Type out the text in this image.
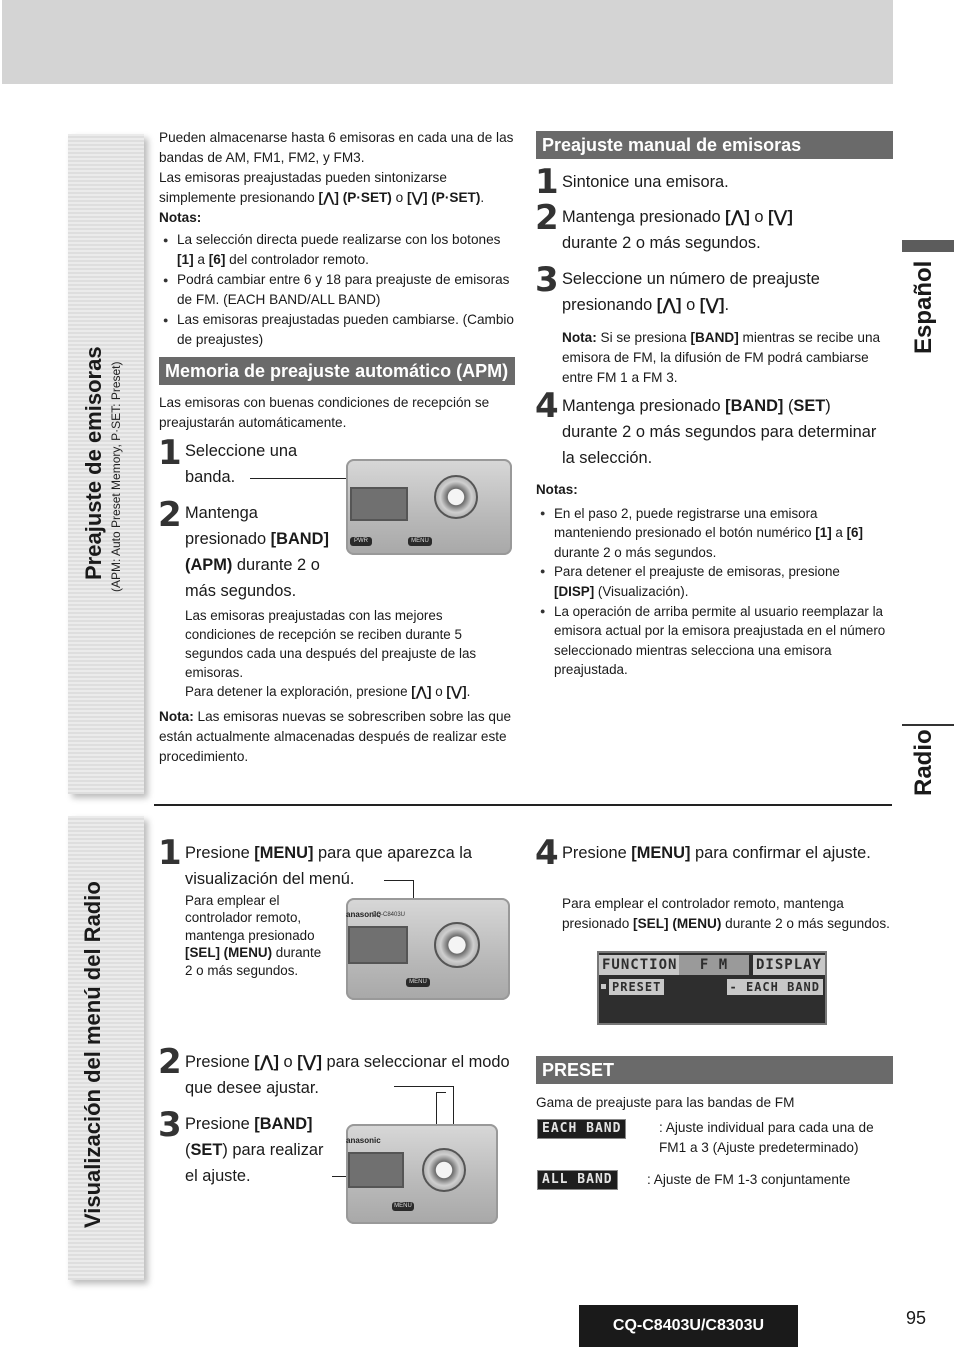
Preajuste de emisoras (APM: Auto Preset Memory, P·SET: Preset)
Visualización del menú del Radio
Español
Radio
Pueden almacenarse hasta 6 emisoras en cada una de las bandas de AM, FM1, FM2, y FM3.
Las emisoras preajustadas pueden sintonizarse simplemente presionando [⋀] (P·SET) o [⋁] (P·SET).
Notas:
● La selección directa puede realizarse con los botones [1] a [6] del controlador remoto.
● Podrá cambiar entre 6 y 18 para preajuste de emisoras de FM. (EACH BAND/ALL BAND)
● Las emisoras preajustadas pueden cambiarse. (Cambio de preajustes)
Memoria de preajuste automático (APM)
Las emisoras con buenas condiciones de recepción se preajustarán automáticamente.
1 Seleccione una banda.
2 Mantenga presionado [BAND] (APM) durante 2 o más segundos.
PWR	MENU
Las emisoras preajustadas con las mejores condiciones de recepción se reciben durante 5 segundos cada una después del preajuste de las emisoras.
Para detener la exploración, presione [⋀] o [⋁].
Nota: Las emisoras nuevas se sobrescriben sobre las que están actualmente almacenadas después de realizar este procedimiento.
Preajuste manual de emisoras
1 Sintonice una emisora.
2 Mantenga presionado [⋀] o [⋁]
durante 2 o más segundos.
3 Seleccione un número de preajuste presionando [⋀] o [⋁].
Nota: Si se presiona [BAND] mientras se recibe una emisora de FM, la difusión de FM podrá cambiarse entre FM 1 a FM 3.
4 Mantenga presionado [BAND] (SET)
durante 2 o más segundos para determinar la selección.
Notas:
● En el paso 2, puede registrarse una emisora manteniendo presionado el botón numérico [1] a [6]
durante 2 o más segundos.
● Para detener el preajuste de emisoras, presione
[DISP] (Visualización).
● La operación de arriba permite al usuario reemplazar la emisora actual por la emisora preajustada en el número seleccionado mientras selecciona una emisora preajustada.
1 Presione [MENU] para que aparezca la visualización del menú.
Para emplear el controlador remoto, mantenga presionado [SEL] (MENU) durante 2 o más segundos.
anasonic
CQ-C8403U
MENU
2 Presione [⋀] o [⋁] para seleccionar el modo que desee ajustar.
3 Presione [BAND]
(SET) para realizar el ajuste.
anasonic
MENU
4 Presione [MENU] para confirmar el ajuste.
Para emplear el controlador remoto, mantenga presionado [SEL] (MENU) durante 2 o más segundos.
FUNCTION	F M	DISPLAY
PRESET	- EACH BAND
PRESET
Gama de preajuste para las bandas de FM
EACH BAND	: Ajuste individual para cada una de FM1 a 3 (Ajuste predeterminado)
ALL BAND	: Ajuste de FM 1-3 conjuntamente
CQ-C8403U/C8303U	95
